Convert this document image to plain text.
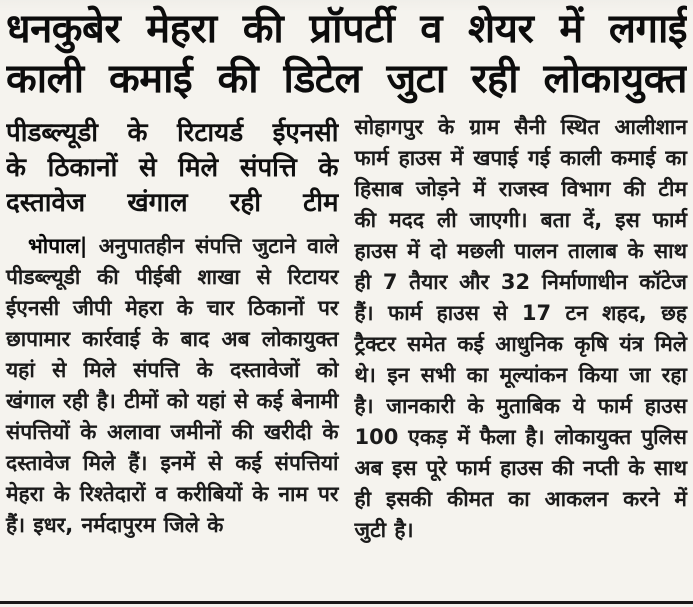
धनकुबेर मेहरा की प्रॉपर्टी व शेयर में लगाई
काली कमाई की डिटेल जुटा रही लोकायुक्त
पीडब्ल्यूडी के रिटायर्ड ईएनसी
के ठिकानों से मिले संपत्ति के
दस्तावेज खंगाल रही टीम

भोपाल| अनुपातहीन संपत्ति जुटाने वाले पीडब्ल्यूडी की पीईबी शाखा से रिटायर ईएनसी जीपी मेहरा के चार ठिकानों पर छापामार कार्रवाई के बाद अब लोकायुक्त यहां से मिले संपत्ति के दस्तावेजों को खंगाल रही है। टीमों को यहां से कई बेनामी संपत्तियों के अलावा जमीनों की खरीदी के दस्तावेज मिले हैं। इनमें से कई संपत्तियां मेहरा के रिश्तेदारों व करीबियों के नाम पर हैं। इधर, नर्मदापुरम जिले के

सोहागपुर के ग्राम सैनी स्थित आलीशान फार्म हाउस में खपाई गई काली कमाई का हिसाब जोड़ने में राजस्व विभाग की टीम की मदद ली जाएगी। बता दें, इस फार्म हाउस में दो मछली पालन तालाब के साथ ही 7 तैयार और 32 निर्माणाधीन कॉटेज हैं। फार्म हाउस से 17 टन शहद, छह ट्रैक्टर समेत कई आधुनिक कृषि यंत्र मिले थे। इन सभी का मूल्यांकन किया जा रहा है। जानकारी के मुताबिक ये फार्म हाउस 100 एकड़ में फैला है। लोकायुक्त पुलिस अब इस पूरे फार्म हाउस की नप्ती के साथ ही इसकी कीमत का आकलन करने में जुटी है।
